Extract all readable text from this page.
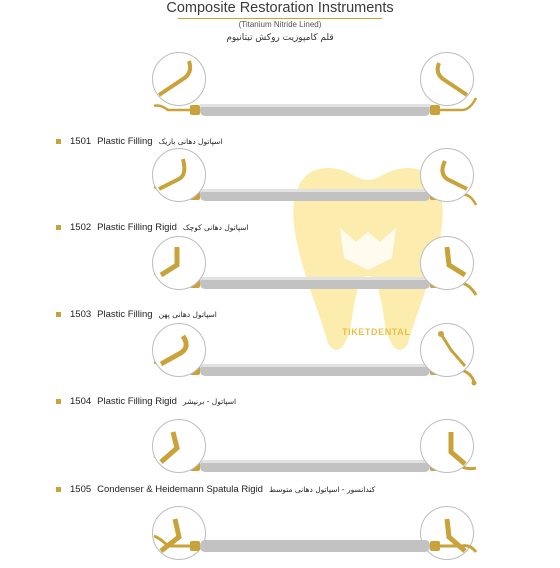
Composite Restoration Instruments
(Titanium Nitride Lined)
قلم کامپوزیت روکش تیتانیوم
TIKETDENTAL
1501 Plastic Filling اسپاتول دهانی باریک
1502 Plastic Filling Rigid اسپاتول دهانی کوچک
1503 Plastic Filling اسپاتول دهانی پهن
1504 Plastic Filling Rigid اسپاتول - برنیشر
1505 Condenser & Heidemann Spatula Rigid کندانسور - اسپاتول دهانی متوسط
